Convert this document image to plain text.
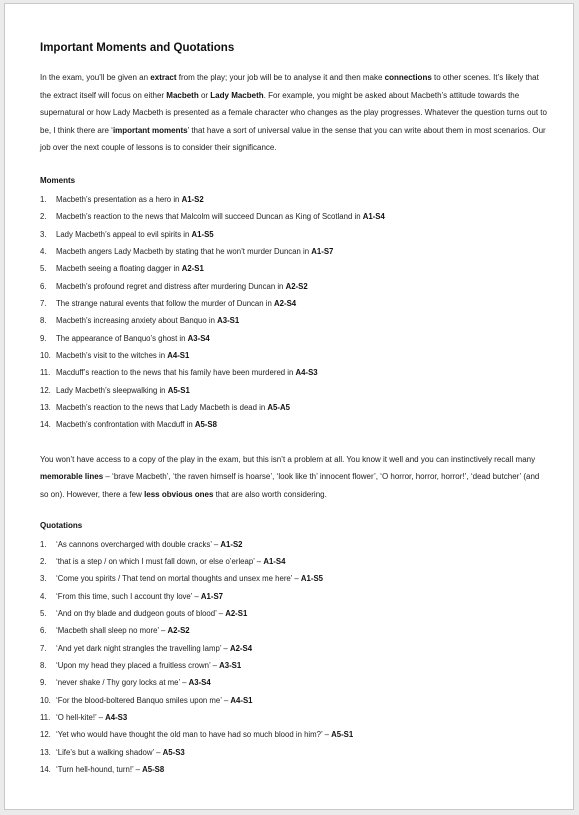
Important Moments and Quotations

In the exam, you’ll be given an extract from the play; your job will be to analyse it and then make connections to other scenes. It’s likely that the extract itself will focus on either Macbeth or Lady Macbeth. For example, you might be asked about Macbeth’s attitude towards the supernatural or how Lady Macbeth is presented as a female character who changes as the play progresses. Whatever the question turns out to be, I think there are ‘important moments’ that have a sort of universal value in the sense that you can write about them in most scenarios. Our job over the next couple of lessons is to consider their significance.

Moments
1. Macbeth’s presentation as a hero in A1-S2
2. Macbeth’s reaction to the news that Malcolm will succeed Duncan as King of Scotland in A1-S4
3. Lady Macbeth’s appeal to evil spirits in A1-S5
4. Macbeth angers Lady Macbeth by stating that he won’t murder Duncan in A1-S7
5. Macbeth seeing a floating dagger in A2-S1
6. Macbeth’s profound regret and distress after murdering Duncan in A2-S2
7. The strange natural events that follow the murder of Duncan in A2-S4
8. Macbeth’s increasing anxiety about Banquo in A3-S1
9. The appearance of Banquo’s ghost in A3-S4
10. Macbeth’s visit to the witches in A4-S1
11. Macduff’s reaction to the news that his family have been murdered in A4-S3
12. Lady Macbeth’s sleepwalking in A5-S1
13. Macbeth’s reaction to the news that Lady Macbeth is dead in A5-A5
14. Macbeth’s confrontation with Macduff in A5-S8

You won’t have access to a copy of the play in the exam, but this isn’t a problem at all. You know it well and you can instinctively recall many memorable lines – ‘brave Macbeth’, ‘the raven himself is hoarse’, ‘look like th’ innocent flower’, ‘O horror, horror, horror!’, ‘dead butcher’ (and so on). However, there a few less obvious ones that are also worth considering.

Quotations
1. ‘As cannons overcharged with double cracks’ – A1-S2
2. ‘that is a step / on which I must fall down, or else o’erleap’ – A1-S4
3. ‘Come you spirits / That tend on mortal thoughts and unsex me here’ – A1-S5
4. ‘From this time, such I account thy love’ – A1-S7
5. ‘And on thy blade and dudgeon gouts of blood’ – A2-S1
6. ‘Macbeth shall sleep no more’ – A2-S2
7. ‘And yet dark night strangles the travelling lamp’ – A2-S4
8. ‘Upon my head they placed a fruitless crown’ – A3-S1
9. ‘never shake / Thy gory locks at me’ – A3-S4
10. ‘For the blood-boltered Banquo smiles upon me’ – A4-S1
11. ‘O hell-kite!’ – A4-S3
12. ‘Yet who would have thought the old man to have had so much blood in him?’ – A5-S1
13. ‘Life’s but a walking shadow’ – A5-S3
14. ‘Turn hell-hound, turn!’ – A5-S8
